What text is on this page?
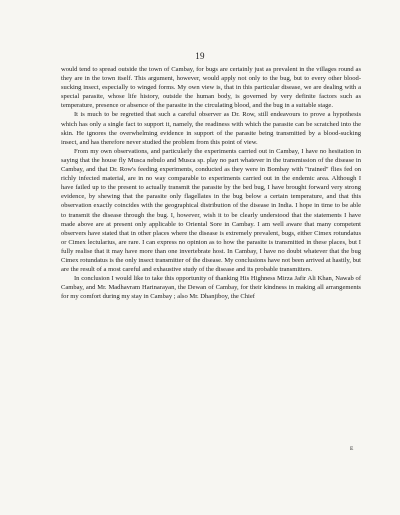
19

would tend to spread outside the town of Cambay, for bugs are certainly just as prevalent in the villages round as they are in the town itself. This argument, however, would apply not only to the bug, but to every other blood-sucking insect, especially to winged forms. My own view is, that in this particular disease, we are dealing with a special parasite, whose life history, outside the human body, is governed by very definite factors such as temperature, presence or absence of the parasite in the circulating blood, and the bug in a suitable stage.

It is much to be regretted that such a careful observer as Dr. Row, still endeavours to prove a hypothesis which has only a single fact to support it, namely, the readiness with which the parasite can be scratched into the skin. He ignores the overwhelming evidence in support of the parasite being transmitted by a blood-sucking insect, and has therefore never studied the problem from this point of view.

From my own observations, and particularly the experiments carried out in Cambay, I have no hesitation in saying that the house fly Musca nebulo and Musca sp. play no part whatever in the transmission of the disease in Cambay, and that Dr. Row's feeding experiments, conducted as they were in Bombay with "trained" flies fed on richly infected material, are in no way comparable to experiments carried out in the endemic area. Although I have failed up to the present to actually transmit the parasite by the bed bug, I have brought forward very strong evidence, by shewing that the parasite only flagellates in the bug below a certain temperature, and that this observation exactly coincides with the geographical distribution of the disease in India. I hope in time to be able to transmit the disease through the bug. I, however, wish it to be clearly understood that the statements I have made above are at present only applicable to Oriental Sore in Cambay. I am well aware that many competent observers have stated that in other places where the disease is extremely prevalent, bugs, either Cimex rotundatus or Cimex lectularius, are rare. I can express no opinion as to how the parasite is transmitted in these places, but I fully realise that it may have more than one invertebrate host. In Cambay, I have no doubt whatever that the bug Cimex rotundatus is the only insect transmitter of the disease. My conclusions have not been arrived at hastily, but are the result of a most careful and exhaustive study of the disease and its probable transmitters.

In conclusion I would like to take this opportunity of thanking His Highness Mirza Jafir Ali Khan, Nawab of Cambay, and Mr. Madhavram Harinarayan, the Dewan of Cambay, for their kindness in making all arrangements for my comfort during my stay in Cambay ; also Mr. Dhanjiboy, the Chief

E
